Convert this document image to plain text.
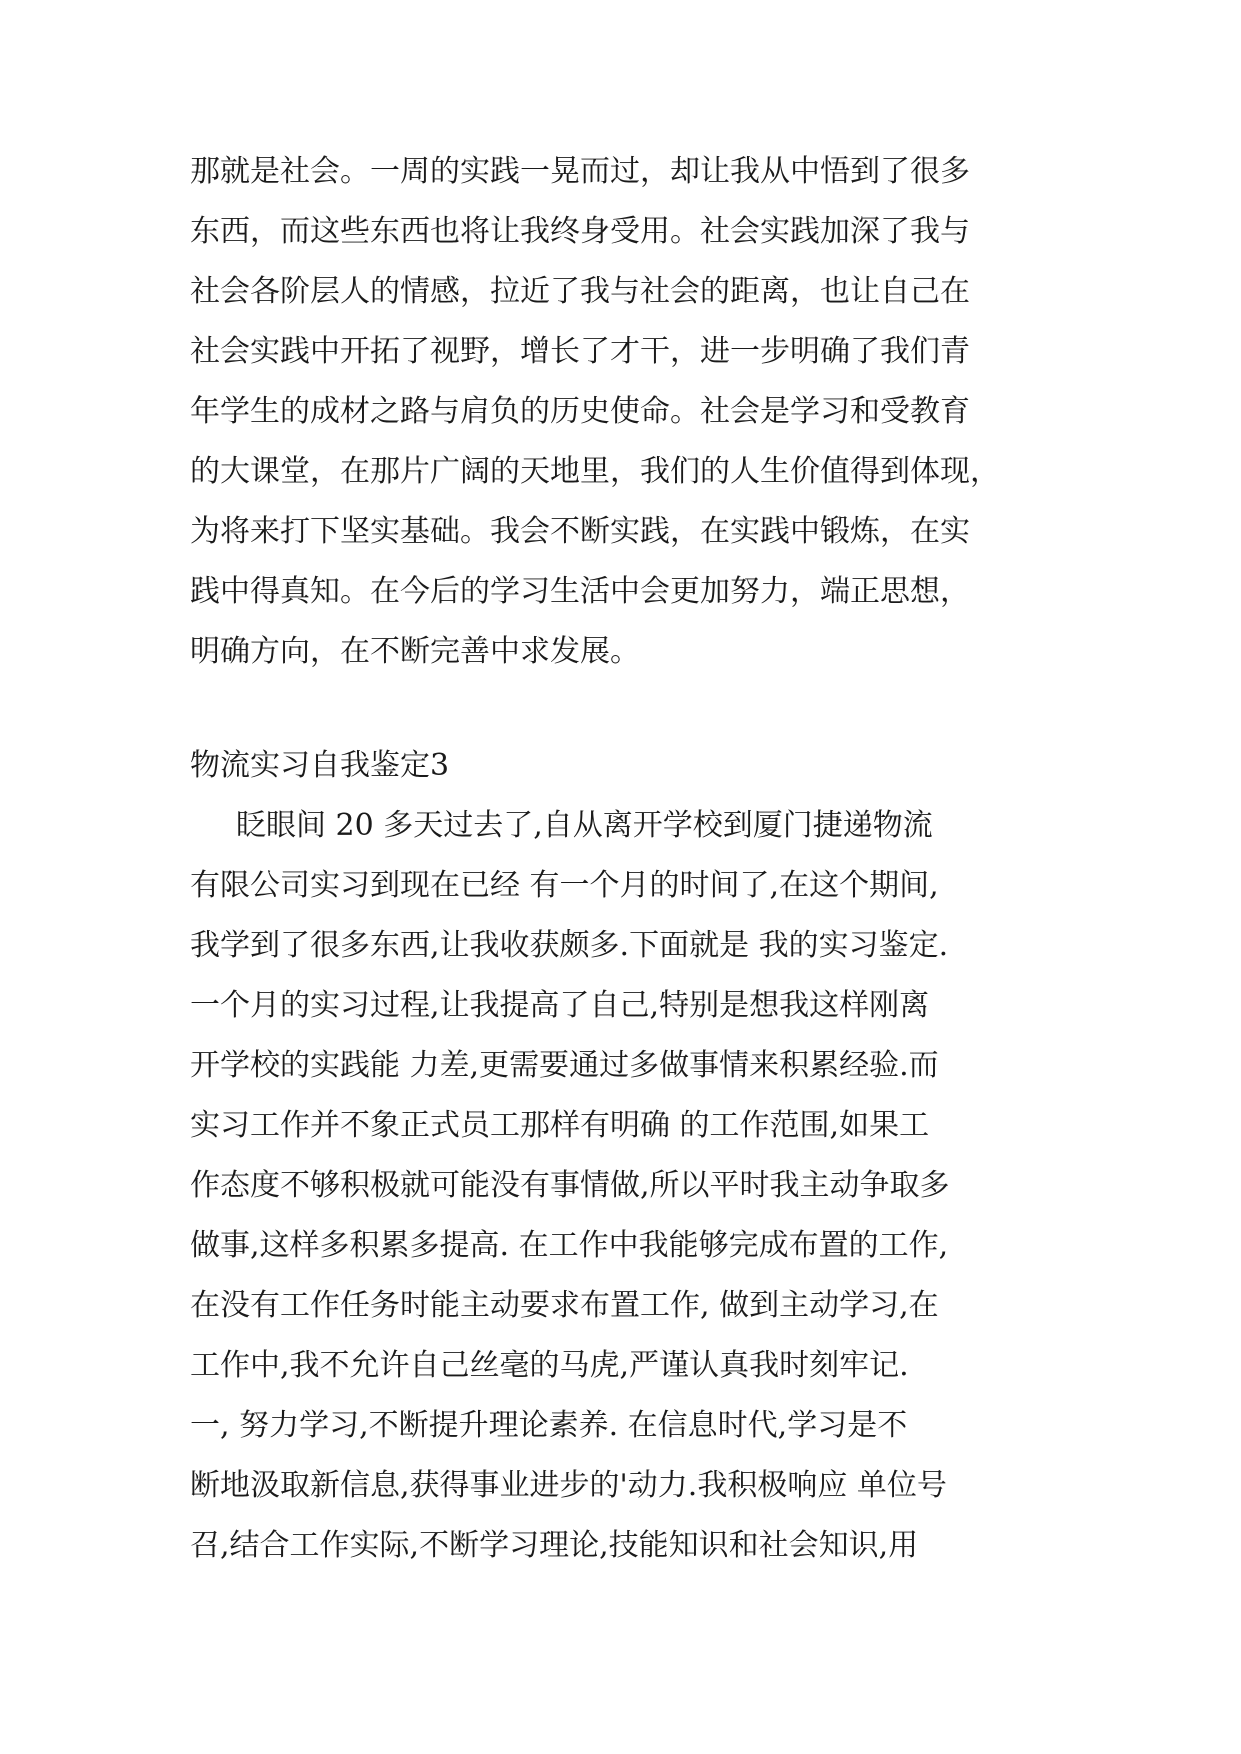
那就是社会。一周的实践一晃而过，却让我从中悟到了很多
东西，而这些东西也将让我终身受用。社会实践加深了我与
社会各阶层人的情感，拉近了我与社会的距离，也让自己在
社会实践中开拓了视野，增长了才干，进一步明确了我们青
年学生的成材之路与肩负的历史使命。社会是学习和受教育
的大课堂，在那片广阔的天地里，我们的人生价值得到体现，
为将来打下坚实基础。我会不断实践，在实践中锻炼，在实
践中得真知。在今后的学习生活中会更加努力，端正思想，
明确方向，在不断完善中求发展。
物流实习自我鉴定3
眨眼间 20 多天过去了,自从离开学校到厦门捷递物流
有限公司实习到现在已经 有一个月的时间了,在这个期间,
我学到了很多东西,让我收获颇多.下面就是 我的实习鉴定.
一个月的实习过程,让我提高了自己,特别是想我这样刚离
开学校的实践能 力差,更需要通过多做事情来积累经验.而
实习工作并不象正式员工那样有明确 的工作范围,如果工
作态度不够积极就可能没有事情做,所以平时我主动争取多
做事,这样多积累多提高. 在工作中我能够完成布置的工作,
在没有工作任务时能主动要求布置工作, 做到主动学习,在
工作中,我不允许自己丝毫的马虎,严谨认真我时刻牢记.
一, 努力学习,不断提升理论素养. 在信息时代,学习是不
断地汲取新信息,获得事业进步的'动力.我积极响应 单位号
召,结合工作实际,不断学习理论,技能知识和社会知识,用
